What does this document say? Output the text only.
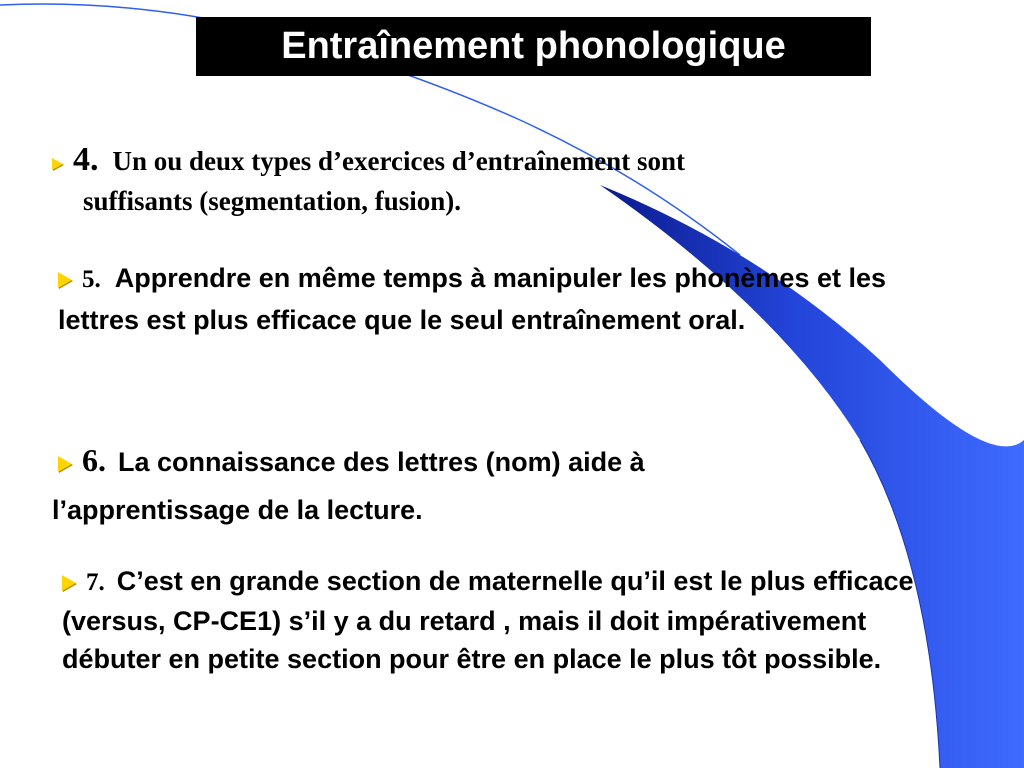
Entraînement phonologique
4. Un ou deux types d’exercices d’entraînement sont
suffisants (segmentation, fusion).
5. Apprendre en même temps à manipuler les phonèmes et les lettres est plus efficace que le seul entraînement oral.
6. La connaissance des lettres (nom) aide à
l’apprentissage de la lecture.
7. C’est en grande section de maternelle qu’il est le plus efficace (versus, CP-CE1) s’il y a du retard , mais il doit impérativement débuter en petite section pour être en place le plus tôt possible.
